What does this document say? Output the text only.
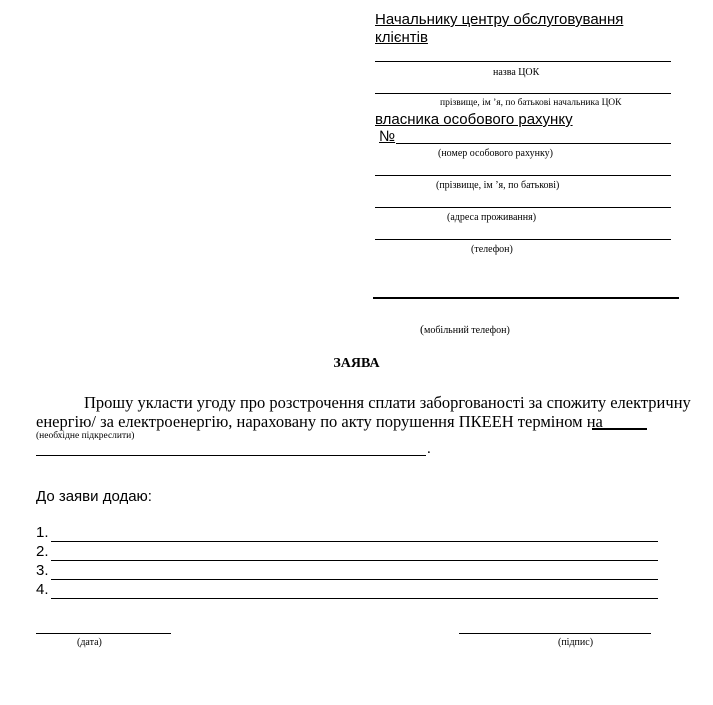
Начальнику центру обслуговування
клієнтів
назва ЦОК
прізвище, ім ’я, по батькові начальника ЦОК
власника особового рахунку
№
(номер особового рахунку)
(прізвище, ім ’я, по батькові)
(адреса проживання)
(телефон)
(мобільний телефон)
ЗАЯВА
Прошу укласти угоду про розстрочення сплати заборгованості за спожиту електричну
енергію/ за електроенергію, нараховану по акту порушення ПКЕЕН терміном на
(необхідне підкреслити)
.
До заяви додаю:
1.
2.
3.
4.
(дата)	(підпис)
